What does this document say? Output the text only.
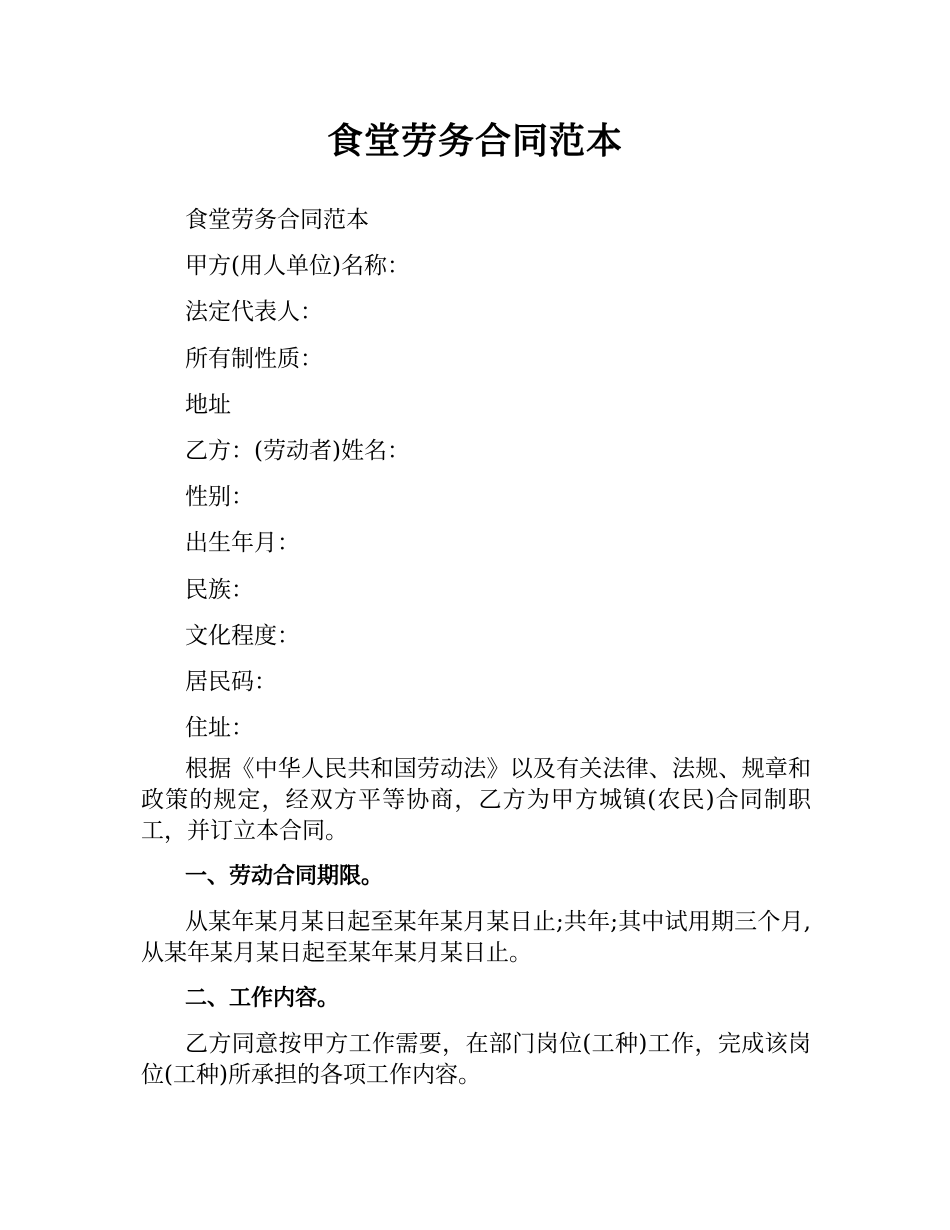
食堂劳务合同范本

食堂劳务合同范本

甲方(用人单位)名称：

法定代表人：

所有制性质：

地址

乙方：(劳动者)姓名：

性别：

出生年月：

民族：

文化程度：

居民码：

住址：

根据《中华人民共和国劳动法》以及有关法律、法规、规章和政策的规定，经双方平等协商，乙方为甲方城镇(农民)合同制职工，并订立本合同。

一、劳动合同期限。

从某年某月某日起至某年某月某日止;共年;其中试用期三个月,从某年某月某日起至某年某月某日止。

二、工作内容。

乙方同意按甲方工作需要，在部门岗位(工种)工作，完成该岗位(工种)所承担的各项工作内容。
